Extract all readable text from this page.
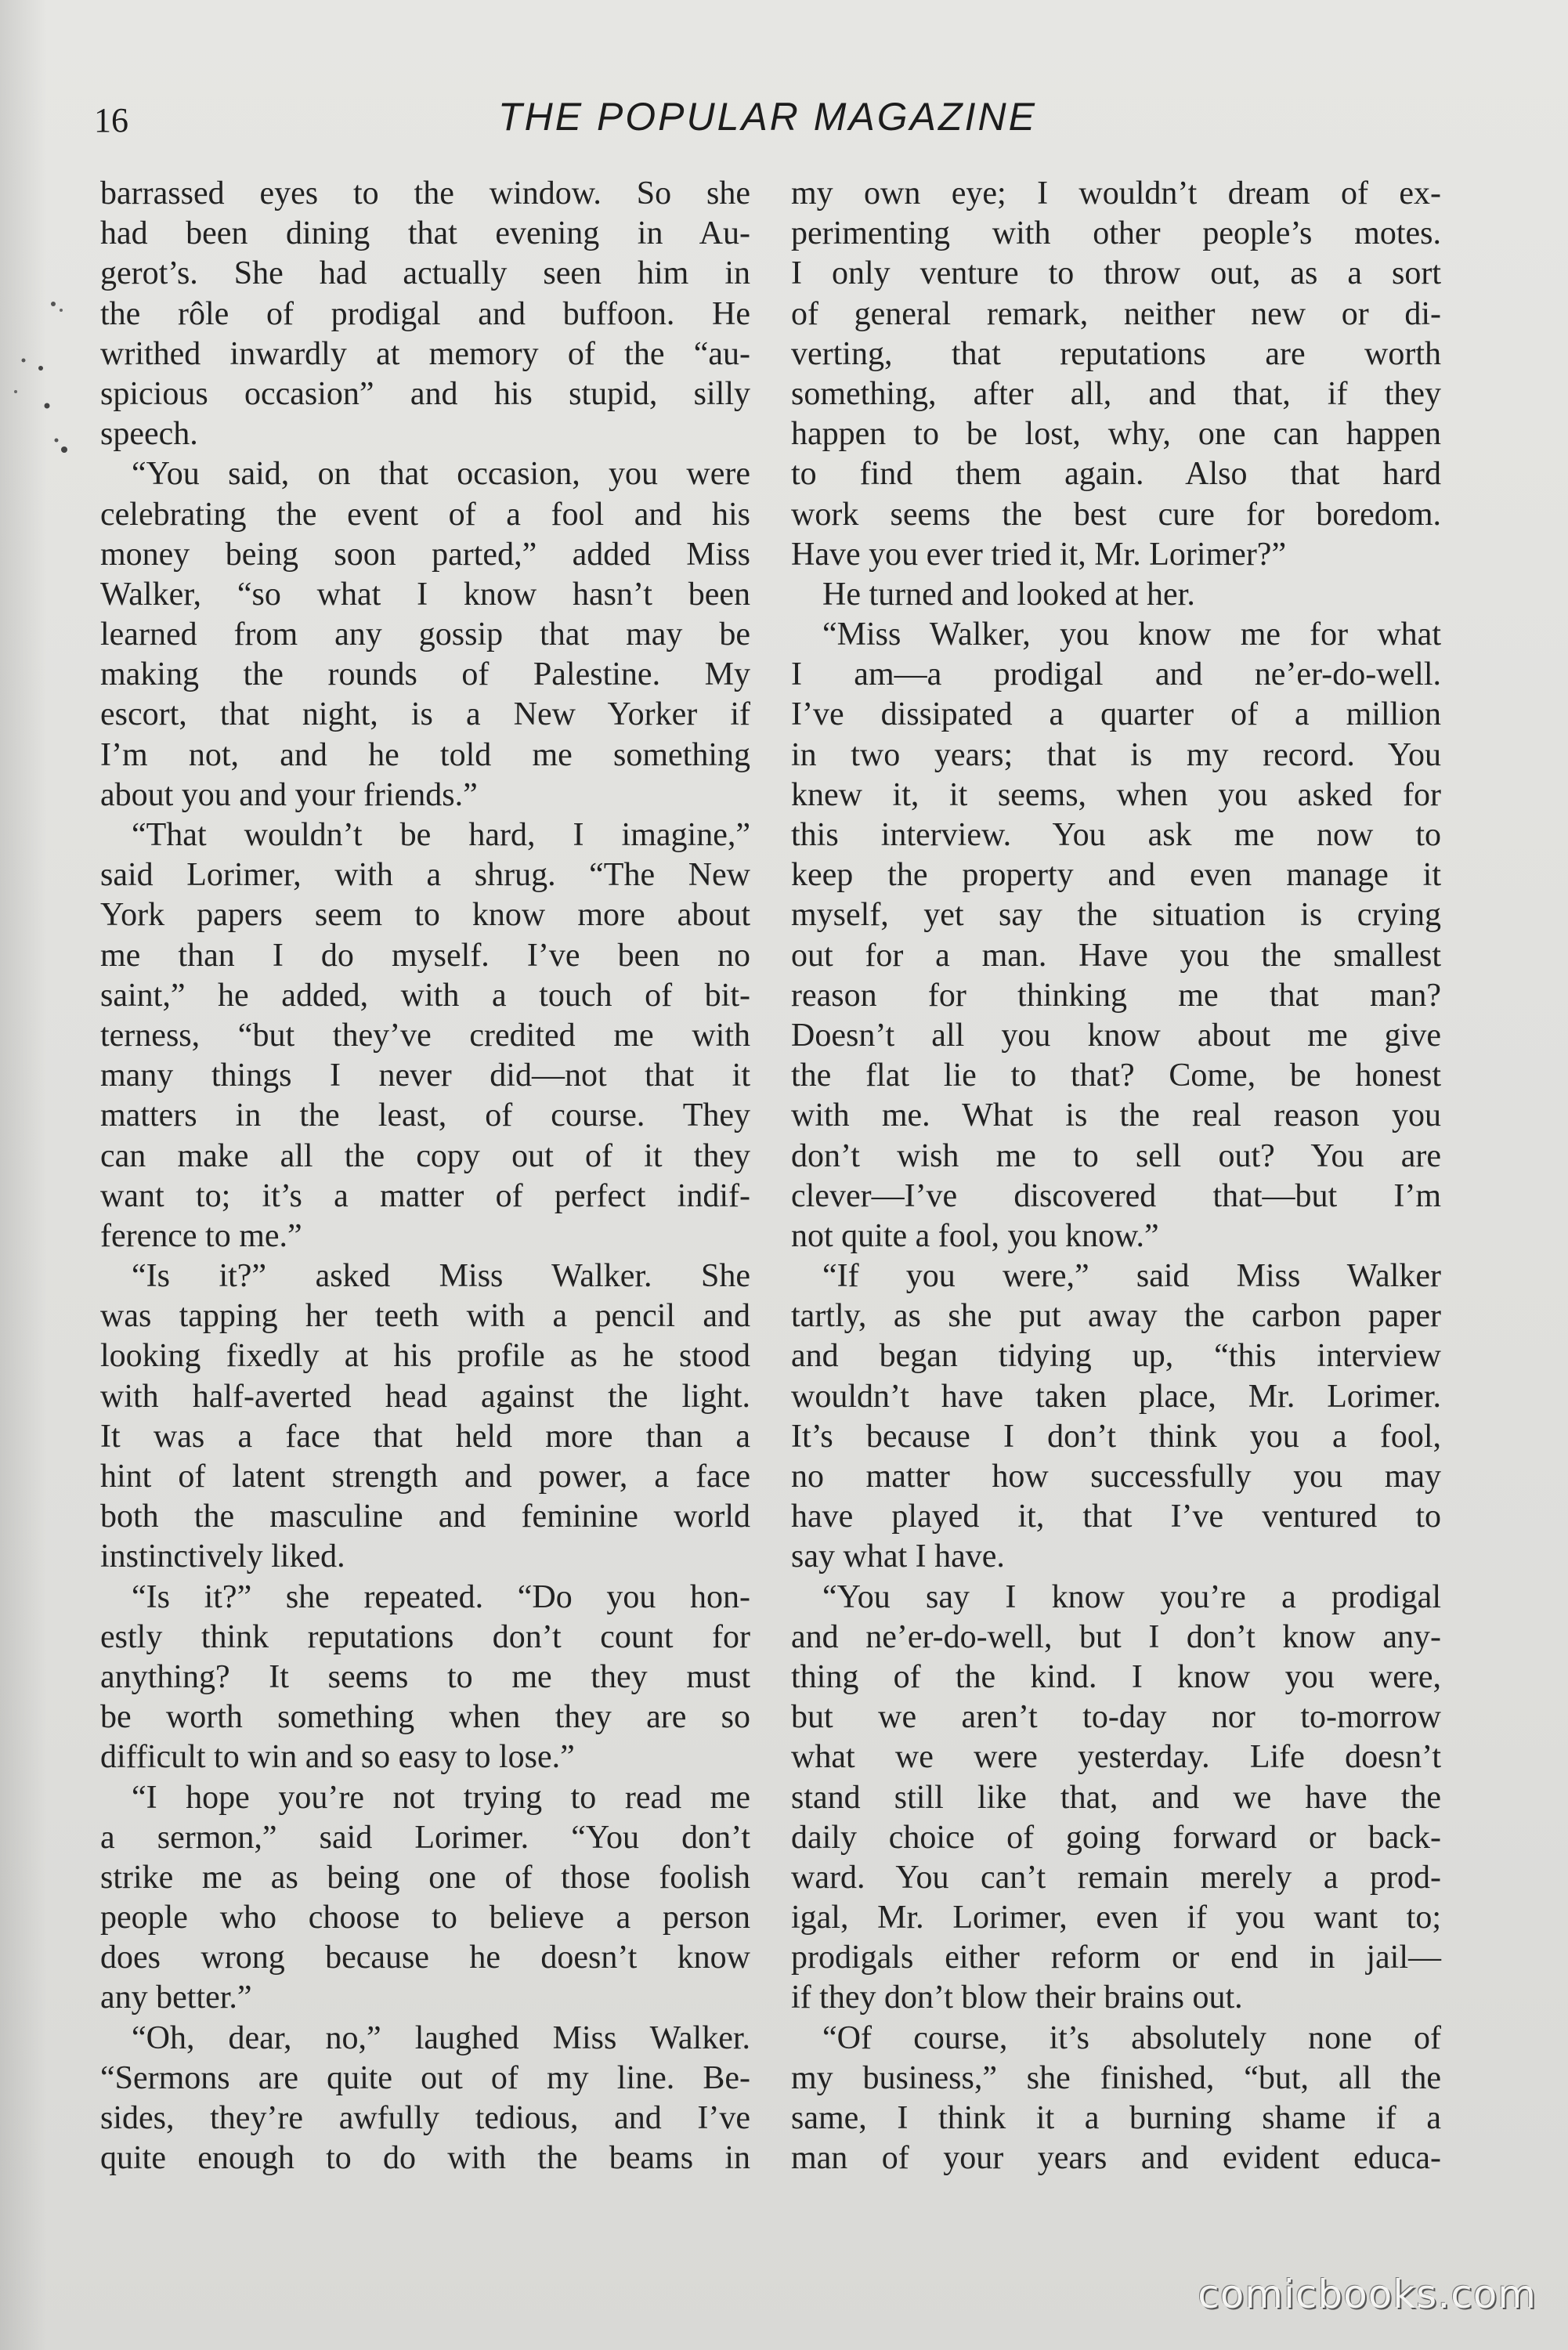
16	THE POPULAR MAGAZINE
barrassed eyes to the window. So she
had been dining that evening in Au-
gerot’s. She had actually seen him in
the rôle of prodigal and buffoon. He
writhed inwardly at memory of the “au-
spicious occasion” and his stupid, silly
speech.
“You said, on that occasion, you were
celebrating the event of a fool and his
money being soon parted,” added Miss
Walker, “so what I know hasn’t been
learned from any gossip that may be
making the rounds of Palestine. My
escort, that night, is a New Yorker if
I’m not, and he told me something
about you and your friends.”
“That wouldn’t be hard, I imagine,”
said Lorimer, with a shrug. “The New
York papers seem to know more about
me than I do myself. I’ve been no
saint,” he added, with a touch of bit-
terness, “but they’ve credited me with
many things I never did—not that it
matters in the least, of course. They
can make all the copy out of it they
want to; it’s a matter of perfect indif-
ference to me.”
“Is it?” asked Miss Walker. She
was tapping her teeth with a pencil and
looking fixedly at his profile as he stood
with half-averted head against the light.
It was a face that held more than a
hint of latent strength and power, a face
both the masculine and feminine world
instinctively liked.
“Is it?” she repeated. “Do you hon-
estly think reputations don’t count for
anything? It seems to me they must
be worth something when they are so
difficult to win and so easy to lose.”
“I hope you’re not trying to read me
a sermon,” said Lorimer. “You don’t
strike me as being one of those foolish
people who choose to believe a person
does wrong because he doesn’t know
any better.”
“Oh, dear, no,” laughed Miss Walker.
“Sermons are quite out of my line. Be-
sides, they’re awfully tedious, and I’ve
quite enough to do with the beams in
my own eye; I wouldn’t dream of ex-
perimenting with other people’s motes.
I only venture to throw out, as a sort
of general remark, neither new or di-
verting, that reputations are worth
something, after all, and that, if they
happen to be lost, why, one can happen
to find them again. Also that hard
work seems the best cure for boredom.
Have you ever tried it, Mr. Lorimer?”
He turned and looked at her.
“Miss Walker, you know me for what
I am—a prodigal and ne’er-do-well.
I’ve dissipated a quarter of a million
in two years; that is my record. You
knew it, it seems, when you asked for
this interview. You ask me now to
keep the property and even manage it
myself, yet say the situation is crying
out for a man. Have you the smallest
reason for thinking me that man?
Doesn’t all you know about me give
the flat lie to that? Come, be honest
with me. What is the real reason you
don’t wish me to sell out? You are
clever—I’ve discovered that—but I’m
not quite a fool, you know.”
“If you were,” said Miss Walker
tartly, as she put away the carbon paper
and began tidying up, “this interview
wouldn’t have taken place, Mr. Lorimer.
It’s because I don’t think you a fool,
no matter how successfully you may
have played it, that I’ve ventured to
say what I have.
“You say I know you’re a prodigal
and ne’er-do-well, but I don’t know any-
thing of the kind. I know you were,
but we aren’t to-day nor to-morrow
what we were yesterday. Life doesn’t
stand still like that, and we have the
daily choice of going forward or back-
ward. You can’t remain merely a prod-
igal, Mr. Lorimer, even if you want to;
prodigals either reform or end in jail—
if they don’t blow their brains out.
“Of course, it’s absolutely none of
my business,” she finished, “but, all the
same, I think it a burning shame if a
man of your years and evident educa-
comicbooks.com
